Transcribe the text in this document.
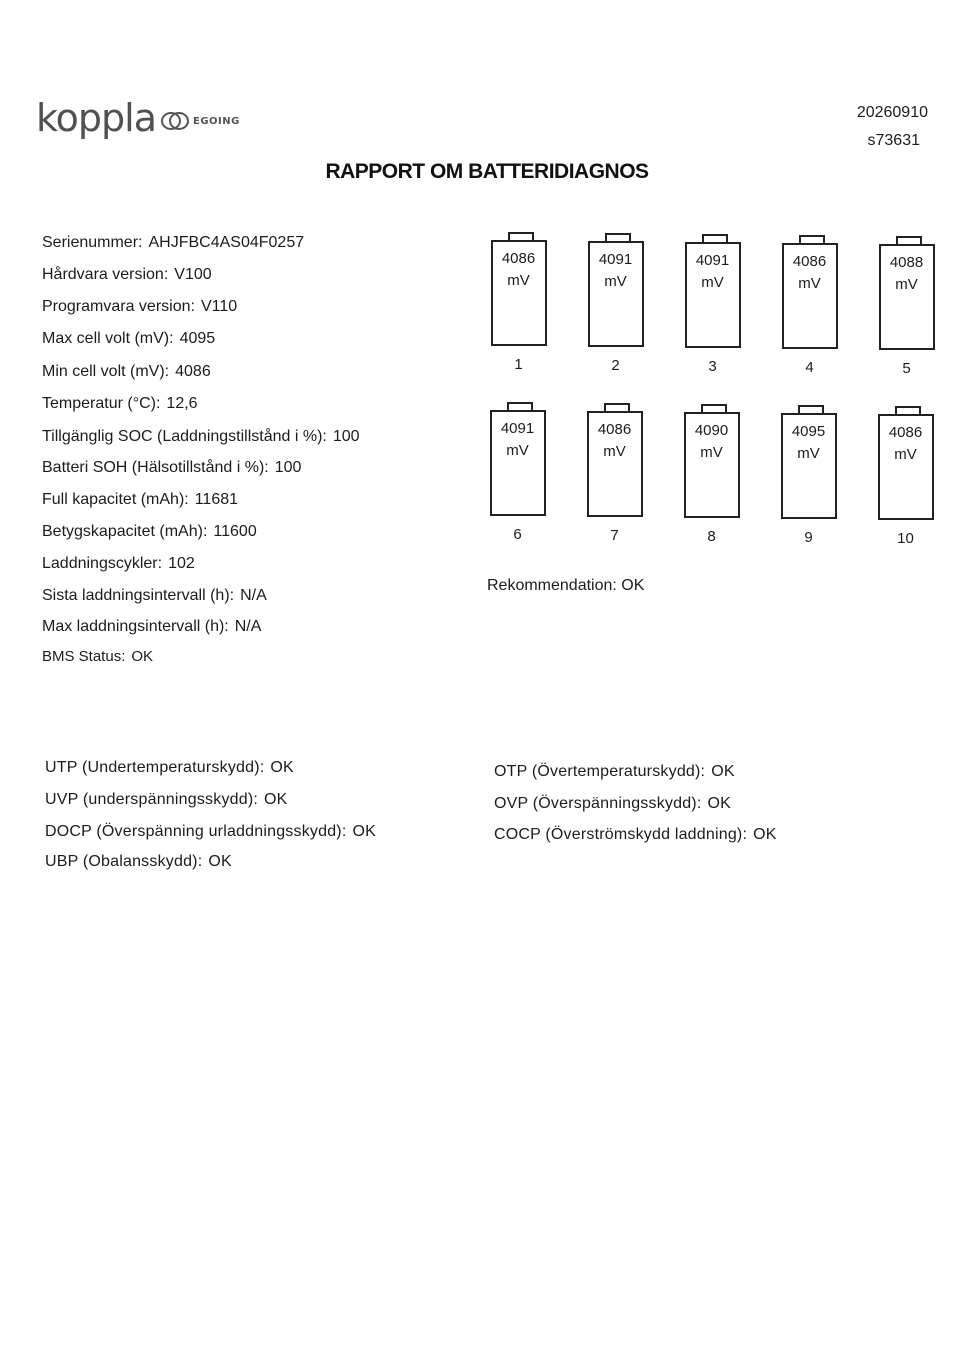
koppla	EGOING	20260910
s73631
RAPPORT OM BATTERIDIAGNOS
Serienummer: AHJFBC4AS04F0257
Hårdvara version: V100
Programvara version: V110
Max cell volt (mV): 4095
Min cell volt (mV): 4086
Temperatur (°C): 12,6
Tillgänglig SOC (Laddningstillstånd i %): 100
Batteri SOH (Hälsotillstånd i %): 100
Full kapacitet (mAh): 11681
Betygskapacitet (mAh): 11600
Laddningscykler: 102
Sista laddningsintervall (h): N/A
Max laddningsintervall (h): N/A
BMS Status: OK
4086
mV
1
4091
mV
2
4091
mV
3
4086
mV
4
4088
mV
5
4091
mV
6
4086
mV
7
4090
mV
8
4095
mV
9
4086
mV
10
Rekommendation: OK
UTP (Undertemperaturskydd): OK
UVP (underspänningsskydd): OK
DOCP (Överspänning urladdningsskydd): OK
UBP (Obalansskydd): OK
OTP (Övertemperaturskydd): OK
OVP (Överspänningsskydd): OK
COCP (Överströmskydd laddning): OK
